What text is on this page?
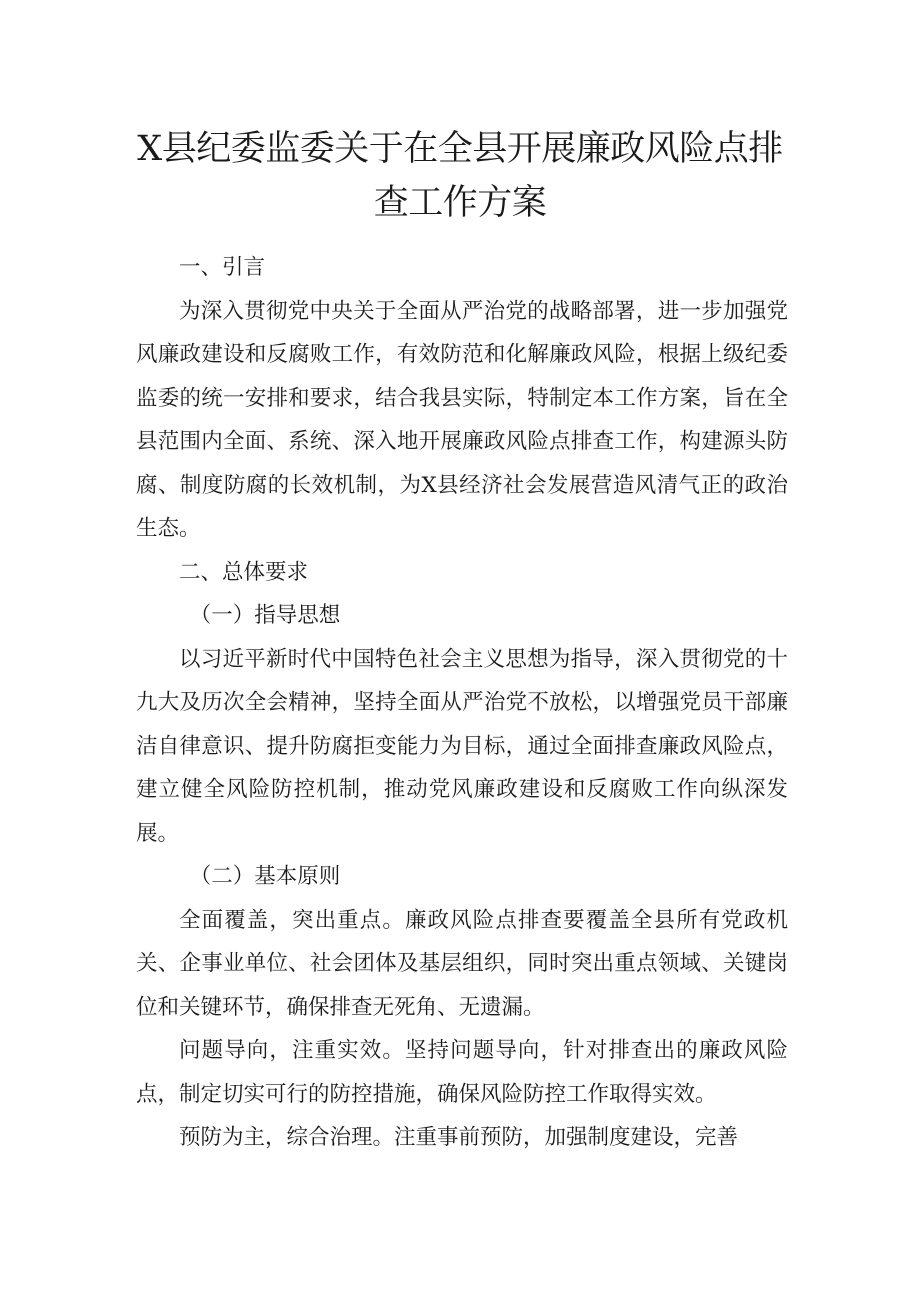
X县纪委监委关于在全县开展廉政风险点排
查工作方案

一、引言

为深入贯彻党中央关于全面从严治党的战略部署，进一步加强党风廉政建设和反腐败工作，有效防范和化解廉政风险，根据上级纪委监委的统一安排和要求，结合我县实际，特制定本工作方案，旨在全县范围内全面、系统、深入地开展廉政风险点排查工作，构建源头防腐、制度防腐的长效机制，为X县经济社会发展营造风清气正的政治生态。

二、总体要求

（一）指导思想

以习近平新时代中国特色社会主义思想为指导，深入贯彻党的十九大及历次全会精神，坚持全面从严治党不放松，以增强党员干部廉洁自律意识、提升防腐拒变能力为目标，通过全面排查廉政风险点，建立健全风险防控机制，推动党风廉政建设和反腐败工作向纵深发展。

（二）基本原则

全面覆盖，突出重点。廉政风险点排查要覆盖全县所有党政机关、企事业单位、社会团体及基层组织，同时突出重点领域、关键岗位和关键环节，确保排查无死角、无遗漏。

问题导向，注重实效。坚持问题导向，针对排查出的廉政风险点，制定切实可行的防控措施，确保风险防控工作取得实效。

预防为主，综合治理。注重事前预防，加强制度建设，完善
